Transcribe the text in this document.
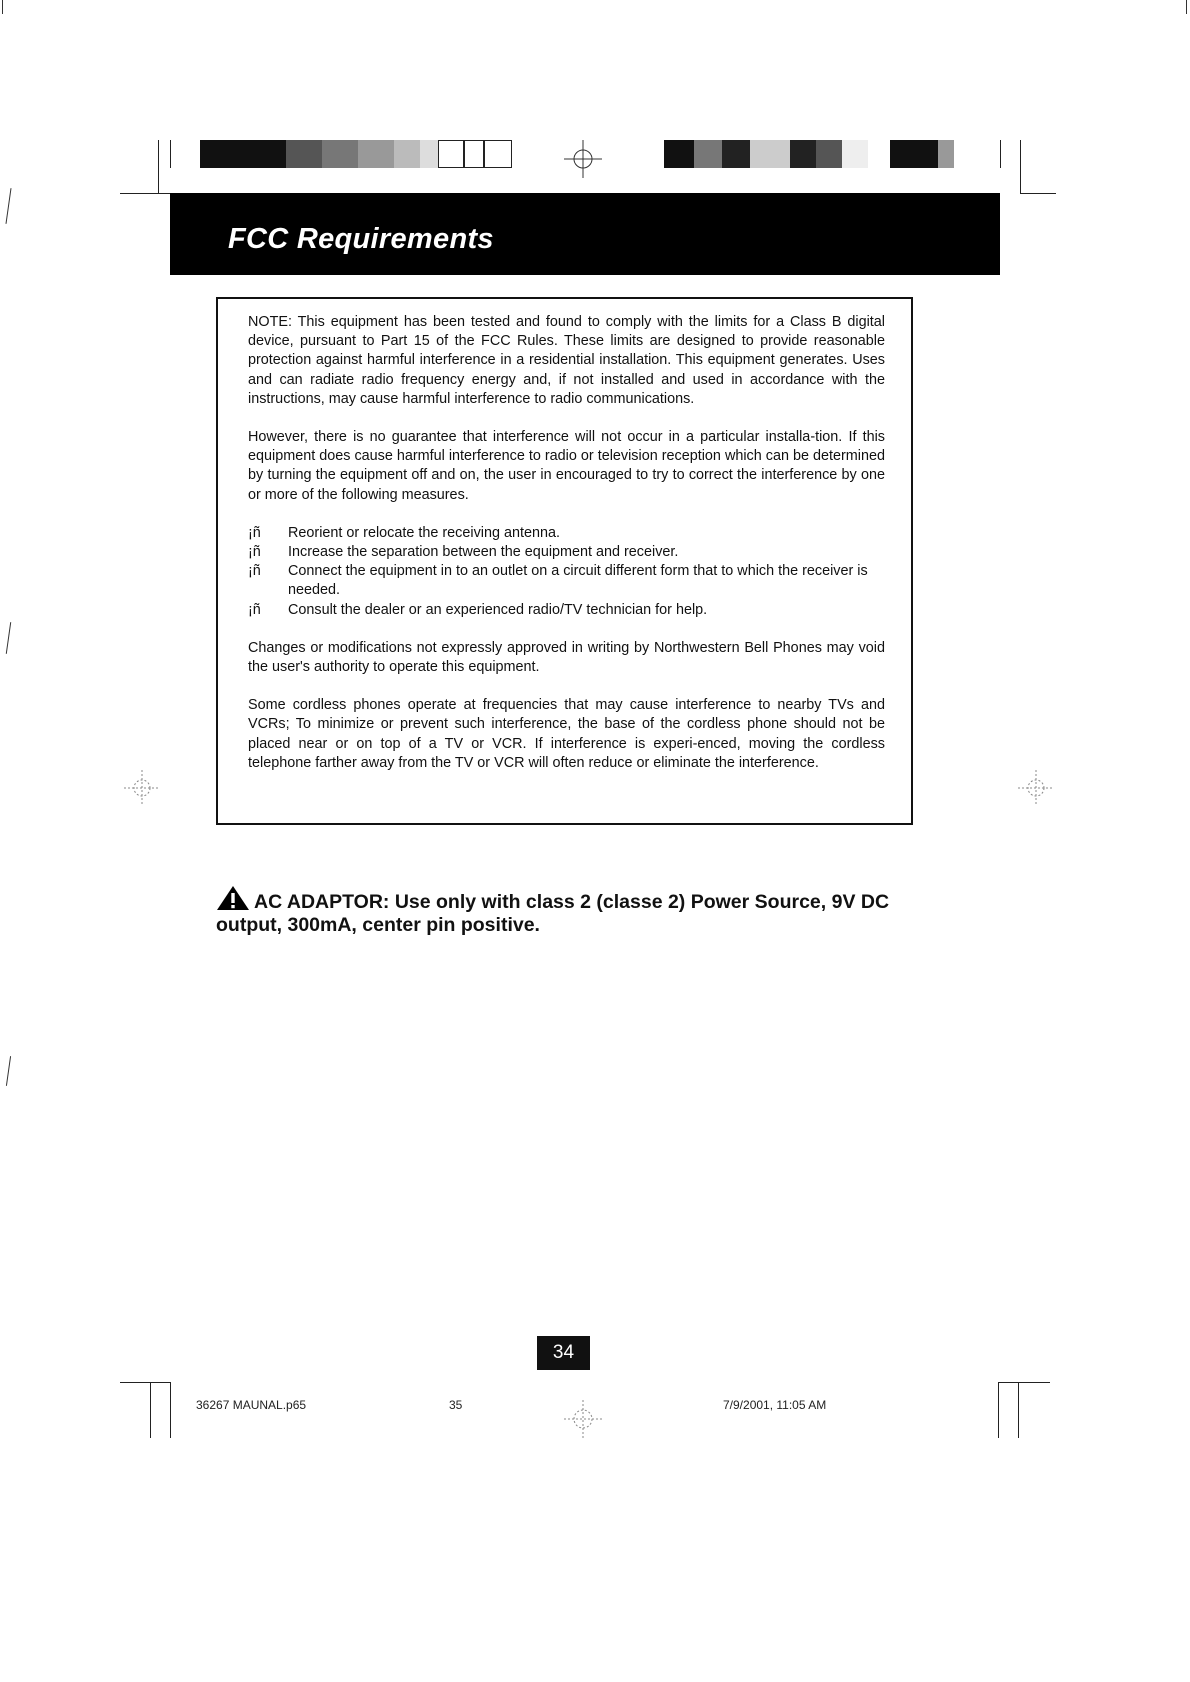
FCC Requirements

NOTE: This equipment has been tested and found to comply with the limits for a Class B digital device, pursuant to Part 15 of the FCC Rules. These limits are designed to provide reasonable protection against harmful interference in a residential installation. This equipment generates. Uses and can radiate radio frequency energy and, if not installed and used in accordance with the instructions, may cause harmful interference to radio communications.

However, there is no guarantee that interference will not occur in a particular installa-tion. If this equipment does cause harmful interference to radio or television reception which can be determined by turning the equipment off and on, the user in encouraged to try to correct the interference by one or more of the following measures.

¡ñ Reorient or relocate the receiving antenna.
¡ñ Increase the separation between the equipment and receiver.
¡ñ Connect the equipment in to an outlet on a circuit different form that to which the receiver is needed.
¡ñ Consult the dealer or an experienced radio/TV technician for help.

Changes or modifications not expressly approved in writing by Northwestern Bell Phones may void the user's authority to operate this equipment.

Some cordless phones operate at frequencies that may cause interference to nearby TVs and VCRs; To minimize or prevent such interference, the base of the cordless phone should not be placed near or on top of a TV or VCR. If interference is experi-enced, moving the cordless telephone farther away from the TV or VCR will often reduce or eliminate the interference.

AC ADAPTOR: Use only with class 2 (classe 2) Power Source, 9V DC output, 300mA, center pin positive.
34
36267 MAUNAL.p65	35	7/9/2001, 11:05 AM
